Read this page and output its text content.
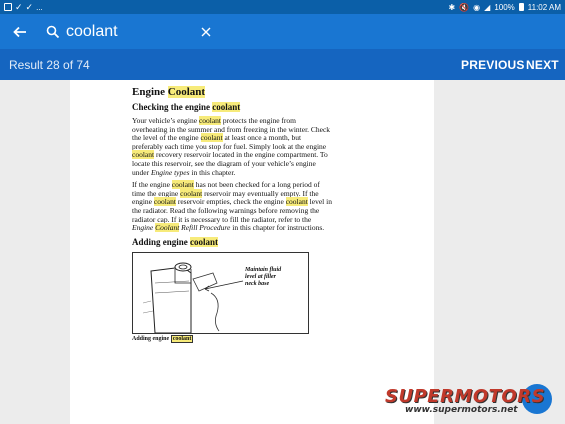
✓ ✓ ...	✱ 🔇 ◉ ◢ 100% 11:02 AM
coolant
Result 28 of 74	PREVIOUS NEXT
Engine Coolant
Checking the engine coolant
Your vehicle’s engine coolant protects the engine from overheating in the summer and from freezing in the winter. Check the level of the engine coolant at least once a month, but preferably each time you stop for fuel. Simply look at the engine coolant recovery reservoir located in the engine compartment. To locate this reservoir, see the diagram of your vehicle’s engine under Engine types in this chapter.
If the engine coolant has not been checked for a long period of time the engine coolant reservoir may eventually empty. If the engine coolant reservoir empties, check the engine coolant level in the radiator. Read the following warnings before removing the radiator cap. If it is necessary to fill the radiator, refer to the Engine Coolant Refill Procedure in this chapter for instructions.
Adding engine coolant
Maintain fluid level at filler neck base
Adding engine coolant
SUPERMOTORS
www.supermotors.net
